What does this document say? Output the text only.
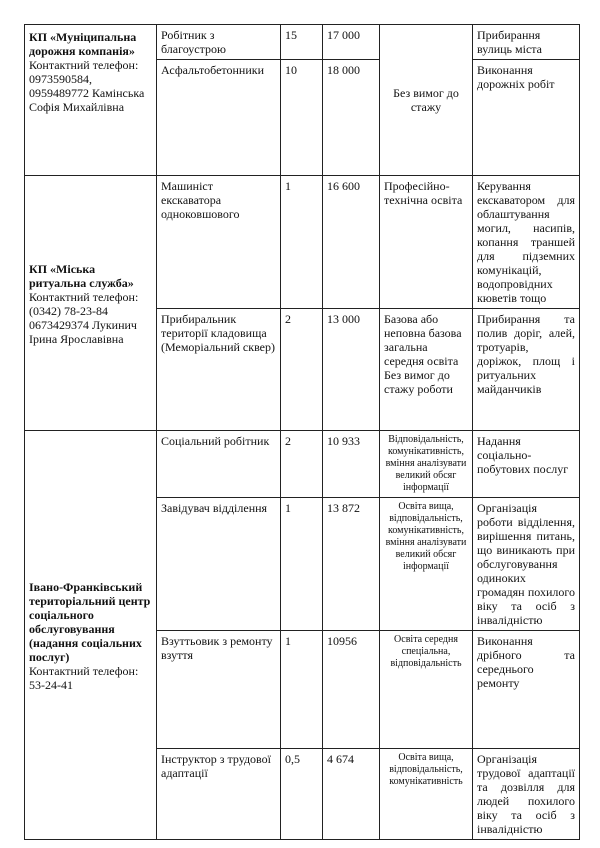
КП «Муніципальна дорожня компанія»
Контактний телефон: 0973590584, 0959489772 Камінська Софія Михайлівна	Робітник з благоустрою	15	17 000	Без вимог до стажу	Прибирання вулиць міста
	Асфальтобетонники	10	18 000		Виконання дорожніх робіт

КП «Міська ритуальна служба»
Контактний телефон: (0342) 78-23-84 0673429374 Лукинич Ірина Ярославівна	Машиніст екскаватора одноковшового	1	16 600	Професійно-технічна освіта	Керування екскаватором для облаштування могил, насипів, копання траншей для підземних комунікацій, водопровідних кюветів тощо
	Прибиральник території кладовища (Меморіальний сквер)	2	13 000	Базова або неповна базова загальна середня освіта Без вимог до стажу роботи	Прибирання та полив доріг, алей, тротуарів, доріжок, площ і ритуальних майданчиків

Івано-Франківський територіальний центр соціального обслуговування (надання соціальних послуг)
Контактний телефон: 53-24-41	Соціальний робітник	2	10 933	Відповідальність, комунікативність, вміння аналізувати великий обсяг інформації	Надання соціально-побутових послуг
	Завідувач відділення	1	13 872	Освіта вища, відповідальність, комунікативність, вміння аналізувати великий обсяг інформації	Організація роботи відділення, вирішення питань, що виникають при обслуговування одиноких громадян похилого віку та осіб з інвалідністю
	Взуттьовик з ремонту взуття	1	10956	Освіта середня спеціальна, відповідальність	Виконання дрібного та середнього ремонту
	Інструктор з трудової адаптації	0,5	4 674	Освіта вища, відповідальність, комунікативність	Організація трудової адаптації та дозвілля для людей похилого віку та осіб з інвалідністю
